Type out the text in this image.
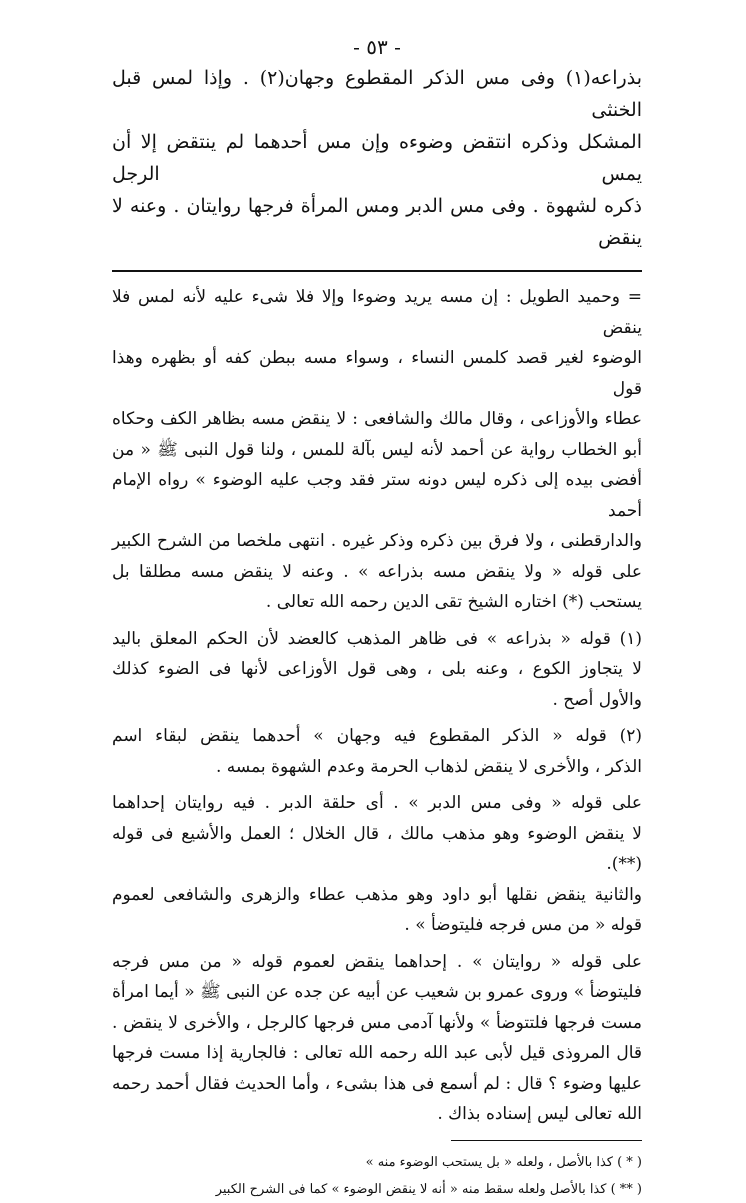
- ٥٣ -

بذراعه(١) وفى مس الذكر المقطوع وجهان(٢) . وإذا لمس قبل الخنثى

المشكل وذكره انتقض وضوءه وإن مس أحدهما لم ينتقض إلا أن يمس الرجل

ذكره لشهوة . وفى مس الدبر ومس المرأة فرجها روايتان . وعنه لا ينقض

= وحميد الطويل : إن مسه يريد وضوءا وإلا فلا شىء عليه لأنه لمس فلا ينقض

الوضوء لغير قصد كلمس النساء ، وسواء مسه ببطن كفه أو بظهره وهذا قول

عطاء والأوزاعى ، وقال مالك والشافعى : لا ينقض مسه بظاهر الكف وحكاه

أبو الخطاب رواية عن أحمد لأنه ليس بآلة للمس ، ولنا قول النبى ﷺ « من

أفضى بيده إلى ذكره ليس دونه ستر فقد وجب عليه الوضوء » رواه الإمام أحمد

والدارقطنى ، ولا فرق بين ذكره وذكر غيره . انتهى ملخصا من الشرح الكبير

على قوله « ولا ينقض مسه بذراعه » . وعنه لا ينقض مسه مطلقا بل

يستحب (*) اختاره الشيخ تقى الدين رحمه الله تعالى .

(١) قوله « بذراعه » فى ظاهر المذهب كالعضد لأن الحكم المعلق باليد

لا يتجاوز الكوع ، وعنه بلى ، وهى قول الأوزاعى لأنها فى الضوء كذلك

والأول أصح .

(٢) قوله « الذكر المقطوع فيه وجهان » أحدهما ينقض لبقاء اسم

الذكر ، والأخرى لا ينقض لذهاب الحرمة وعدم الشهوة بمسه .

على قوله « وفى مس الدبر » . أى حلقة الدبر . فيه روايتان إحداهما

لا ينقض الوضوء وهو مذهب مالك ، قال الخلال ؛ العمل والأشيع فى قوله (**).

والثانية ينقض نقلها أبو داود وهو مذهب عطاء والزهرى والشافعى لعموم

قوله « من مس فرجه فليتوضأ » .

على قوله « روايتان » . إحداهما ينقض لعموم قوله « من مس فرجه

فليتوضأ » وروى عمرو بن شعيب عن أبيه عن جده عن النبى ﷺ « أيما امرأة

مست فرجها فلتتوضأ » ولأنها آدمى مس فرجها كالرجل ، والأخرى لا ينقض .

قال المروذى قيل لأبى عبد الله رحمه الله تعالى : فالجارية إذا مست فرجها

عليها وضوء ؟ قال : لم أسمع فى هذا بشىء ، وأما الحديث فقال أحمد رحمه

الله تعالى ليس إسناده بذاك .

( * ) كذا بالأصل ، ولعله « بل يستحب الوضوء منه »

( ** ) كذا بالأصل ولعله سقط منه « أنه لا ينقض الوضوء » كما فى الشرح الكبير
